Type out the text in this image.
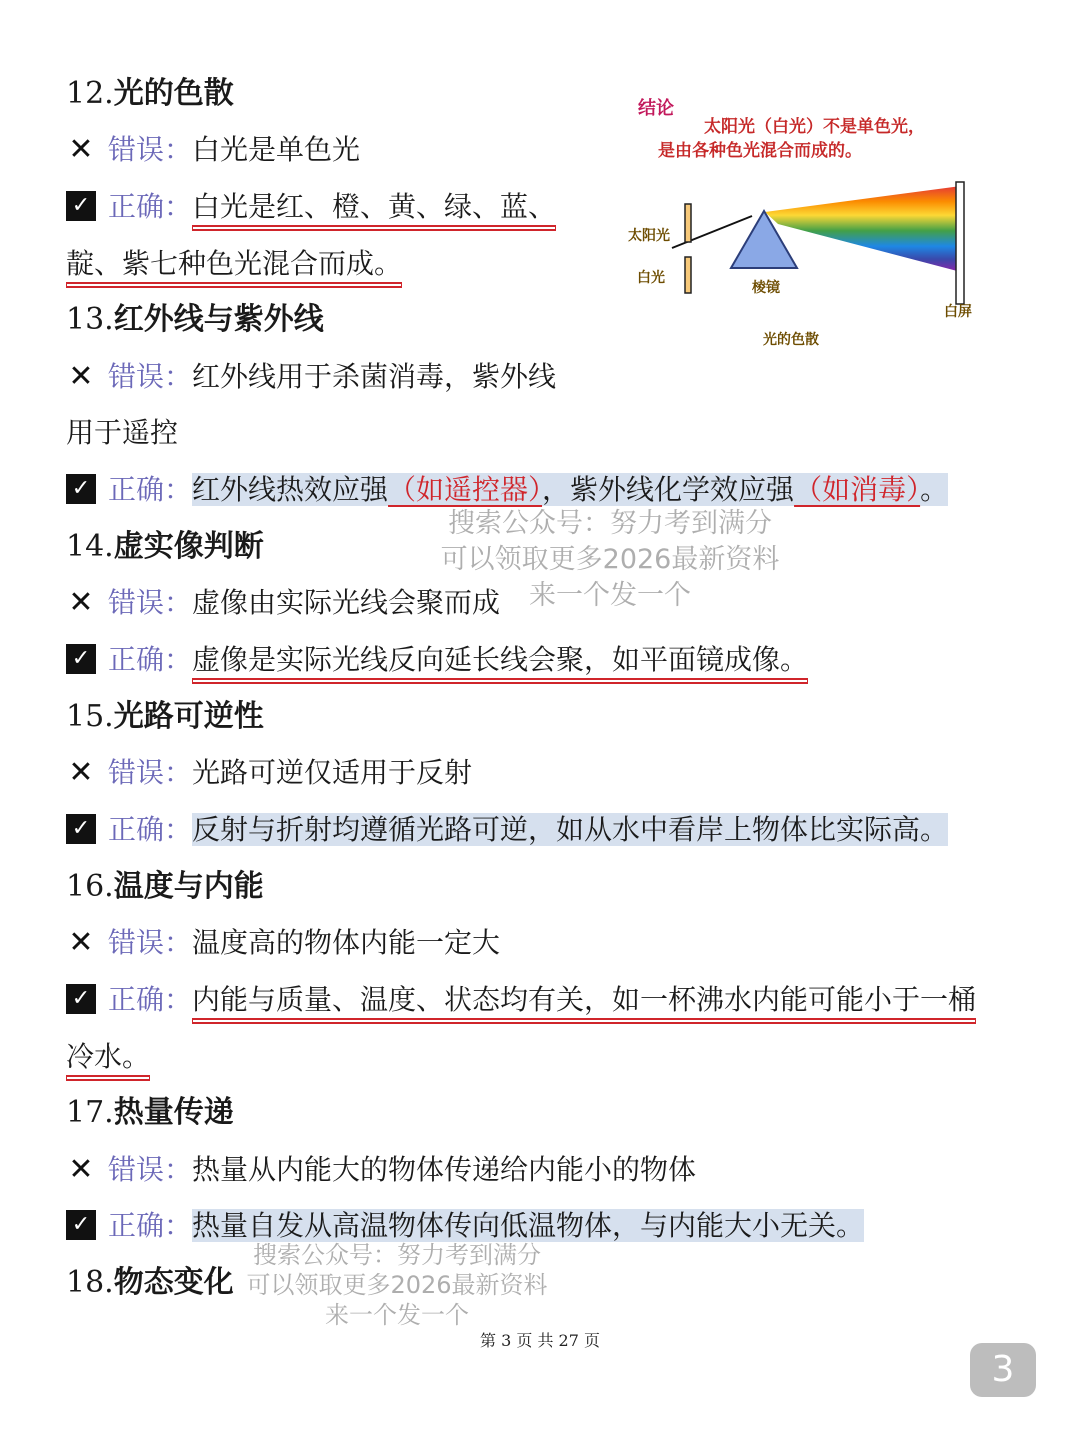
12.光的色散
✕ 错误：白光是单色光
✓ 正确：白光是红、橙、黄、绿、蓝、
靛、紫七种色光混合而成。
13.红外线与紫外线
✕ 错误：红外线用于杀菌消毒，紫外线
用于遥控
✓ 正确：红外线热效应强（如遥控器），紫外线化学效应强（如消毒）。
14.虚实像判断
✕ 错误：虚像由实际光线会聚而成
✓ 正确：虚像是实际光线反向延长线会聚，如平面镜成像。
15.光路可逆性
✕ 错误：光路可逆仅适用于反射
✓ 正确：反射与折射均遵循光路可逆，如从水中看岸上物体比实际高。
16.温度与内能
✕ 错误：温度高的物体内能一定大
✓ 正确：内能与质量、温度、状态均有关，如一杯沸水内能可能小于一桶
冷水。
17.热量传递
✕ 错误：热量从内能大的物体传递给内能小的物体
✓ 正确：热量自发从高温物体传向低温物体，与内能大小无关。
18.物态变化
结论
太阳光（白光）不是单色光，
是由各种色光混合而成的。
太阳光
白光
棱镜
白屏
光的色散
搜索公众号：努力考到满分
可以领取更多2026最新资料
来一个发一个
搜索公众号：努力考到满分
可以领取更多2026最新资料
来一个发一个
第 3 页 共 27 页
3
